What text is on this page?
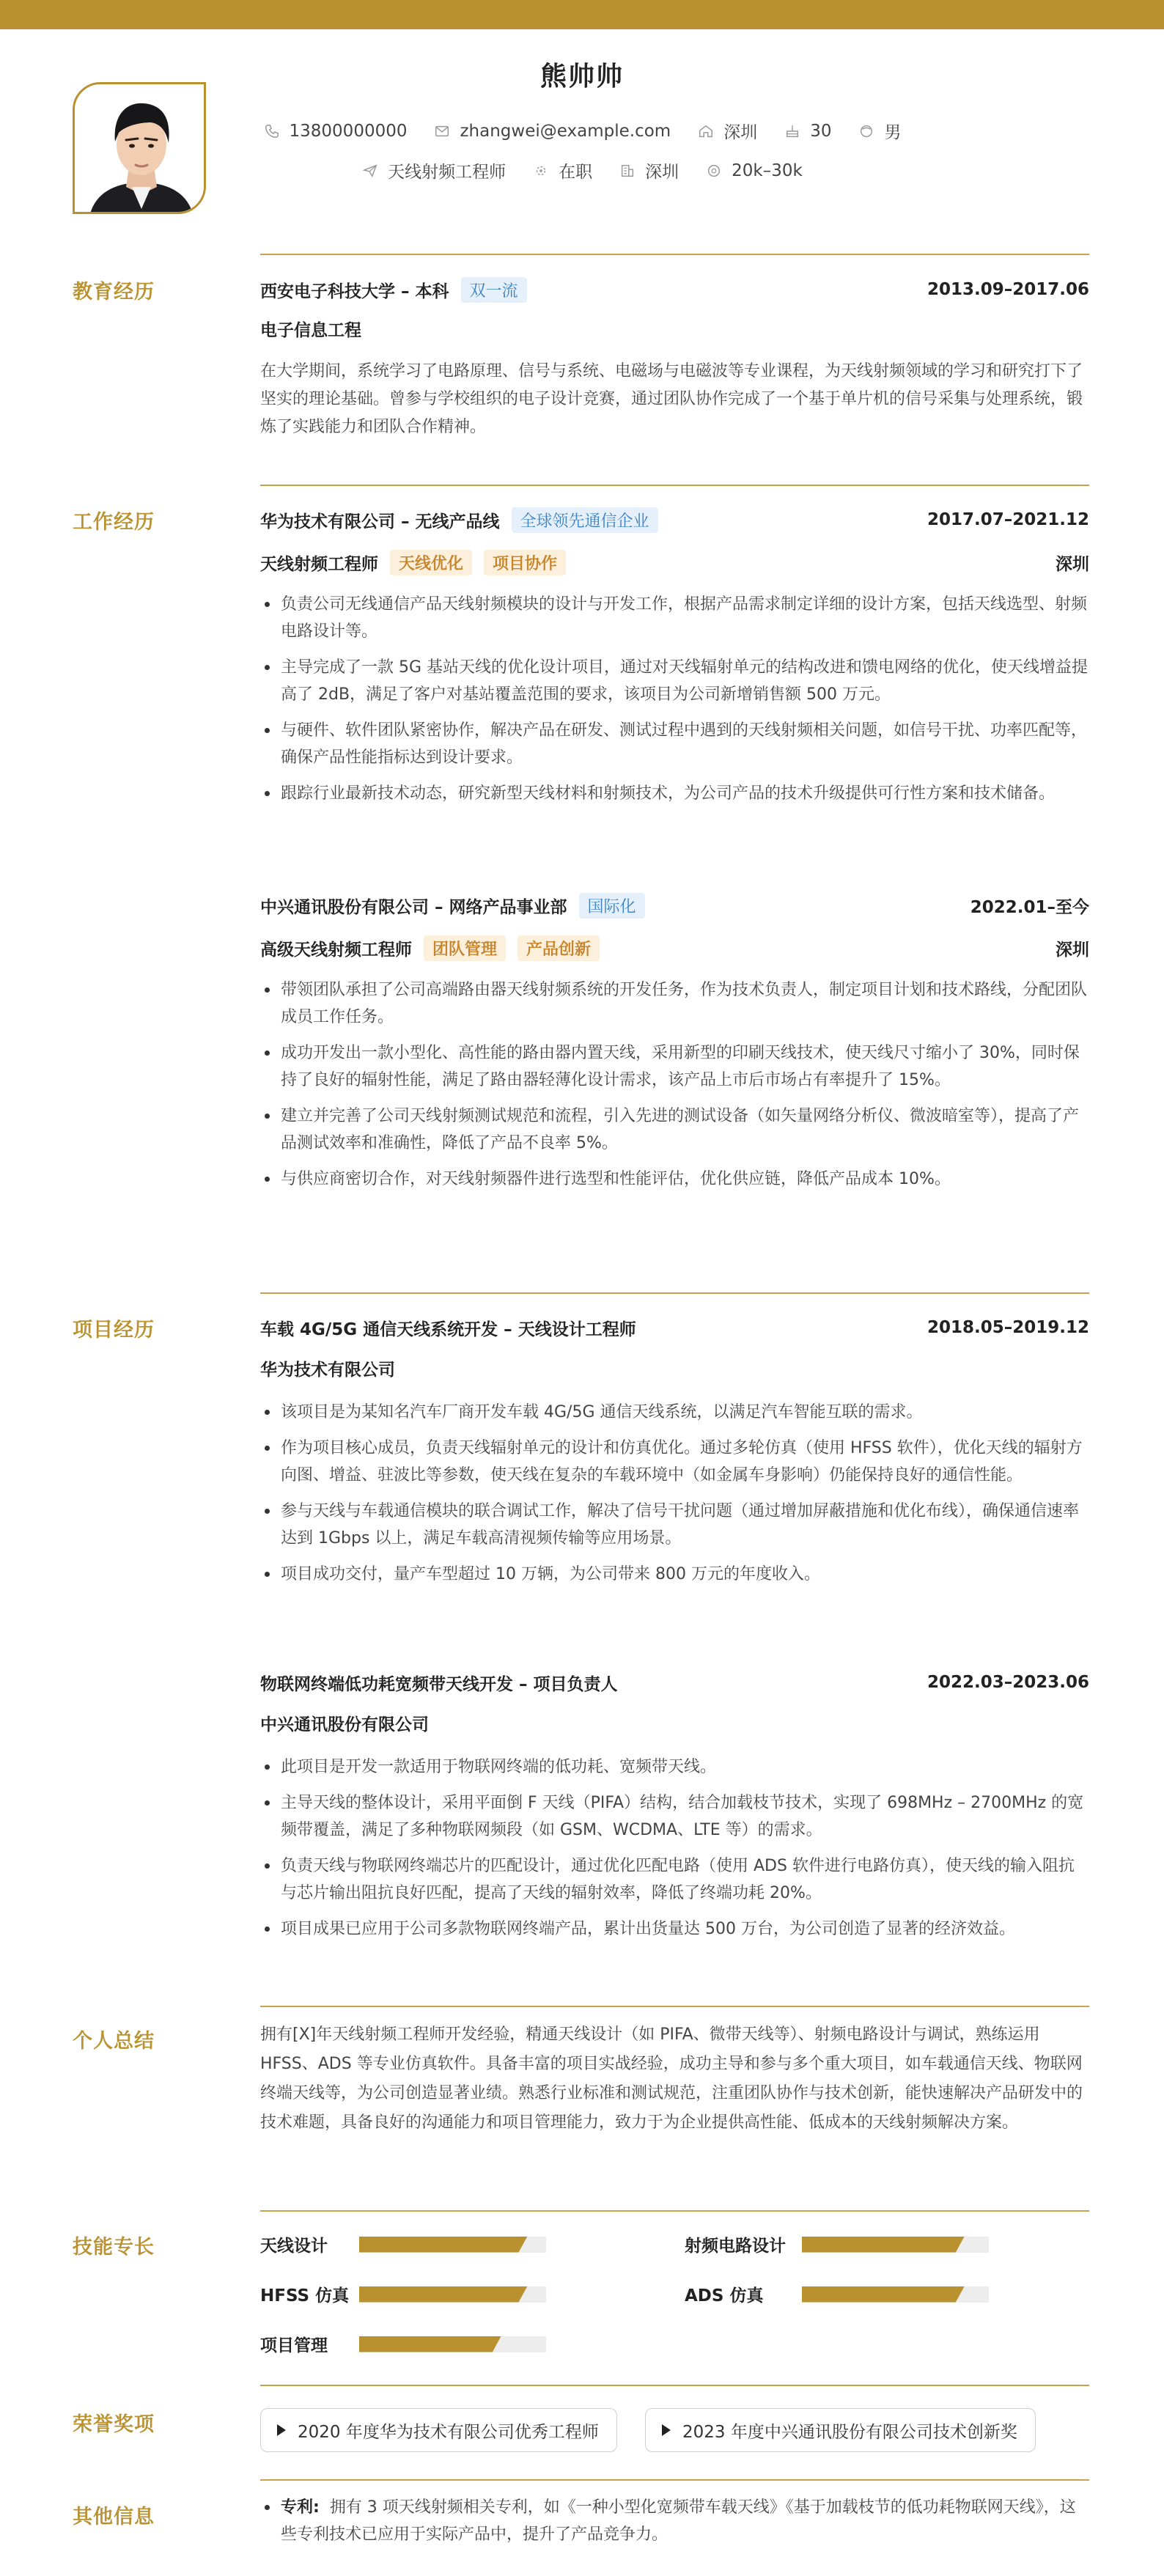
熊帅帅
13800000000	zhangwei@example.com	深圳	30	男
天线射频工程师	在职	深圳	20k–30k
教育经历	西安电子科技大学 – 本科	双一流	2013.09–2017.06
电子信息工程
在大学期间，系统学习了电路原理、信号与系统、电磁场与电磁波等专业课程，为天线射频领域的学习和研究打下了坚实的理论基础。曾参与学校组织的电子设计竞赛，通过团队协作完成了一个基于单片机的信号采集与处理系统，锻炼了实践能力和团队合作精神。
工作经历	华为技术有限公司 – 无线产品线	全球领先通信企业	2017.07–2021.12
天线射频工程师	天线优化	项目协作	深圳
负责公司无线通信产品天线射频模块的设计与开发工作，根据产品需求制定详细的设计方案，包括天线选型、射频电路设计等。
主导完成了一款 5G 基站天线的优化设计项目，通过对天线辐射单元的结构改进和馈电网络的优化，使天线增益提高了 2dB，满足了客户对基站覆盖范围的要求，该项目为公司新增销售额 500 万元。
与硬件、软件团队紧密协作，解决产品在研发、测试过程中遇到的天线射频相关问题，如信号干扰、功率匹配等，确保产品性能指标达到设计要求。
跟踪行业最新技术动态，研究新型天线材料和射频技术，为公司产品的技术升级提供可行性方案和技术储备。
中兴通讯股份有限公司 – 网络产品事业部	国际化	2022.01–至今
高级天线射频工程师	团队管理	产品创新	深圳
带领团队承担了公司高端路由器天线射频系统的开发任务，作为技术负责人，制定项目计划和技术路线，分配团队成员工作任务。
成功开发出一款小型化、高性能的路由器内置天线，采用新型的印刷天线技术，使天线尺寸缩小了 30%，同时保持了良好的辐射性能，满足了路由器轻薄化设计需求，该产品上市后市场占有率提升了 15%。
建立并完善了公司天线射频测试规范和流程，引入先进的测试设备（如矢量网络分析仪、微波暗室等），提高了产品测试效率和准确性，降低了产品不良率 5%。
与供应商密切合作，对天线射频器件进行选型和性能评估，优化供应链，降低产品成本 10%。
项目经历	车载 4G/5G 通信天线系统开发 – 天线设计工程师	2018.05–2019.12
华为技术有限公司
该项目是为某知名汽车厂商开发车载 4G/5G 通信天线系统，以满足汽车智能互联的需求。
作为项目核心成员，负责天线辐射单元的设计和仿真优化。通过多轮仿真（使用 HFSS 软件），优化天线的辐射方向图、增益、驻波比等参数，使天线在复杂的车载环境中（如金属车身影响）仍能保持良好的通信性能。
参与天线与车载通信模块的联合调试工作，解决了信号干扰问题（通过增加屏蔽措施和优化布线），确保通信速率达到 1Gbps 以上，满足车载高清视频传输等应用场景。
项目成功交付，量产车型超过 10 万辆，为公司带来 800 万元的年度收入。
物联网终端低功耗宽频带天线开发 – 项目负责人	2022.03–2023.06
中兴通讯股份有限公司
此项目是开发一款适用于物联网终端的低功耗、宽频带天线。
主导天线的整体设计，采用平面倒 F 天线（PIFA）结构，结合加载枝节技术，实现了 698MHz – 2700MHz 的宽频带覆盖，满足了多种物联网频段（如 GSM、WCDMA、LTE 等）的需求。
负责天线与物联网终端芯片的匹配设计，通过优化匹配电路（使用 ADS 软件进行电路仿真），使天线的输入阻抗与芯片输出阻抗良好匹配，提高了天线的辐射效率，降低了终端功耗 20%。
项目成果已应用于公司多款物联网终端产品，累计出货量达 500 万台，为公司创造了显著的经济效益。
个人总结	拥有[X]年天线射频工程师开发经验，精通天线设计（如 PIFA、微带天线等）、射频电路设计与调试，熟练运用 HFSS、ADS 等专业仿真软件。具备丰富的项目实战经验，成功主导和参与多个重大项目，如车载通信天线、物联网终端天线等，为公司创造显著业绩。熟悉行业标准和测试规范，注重团队协作与技术创新，能快速解决产品研发中的技术难题，具备良好的沟通能力和项目管理能力，致力于为企业提供高性能、低成本的天线射频解决方案。
技能专长	天线设计	射频电路设计
HFSS 仿真	ADS 仿真
项目管理
荣誉奖项	2020 年度华为技术有限公司优秀工程师	2023 年度中兴通讯股份有限公司技术创新奖
其他信息	专利: 拥有 3 项天线射频相关专利，如《一种小型化宽频带车载天线》《基于加载枝节的低功耗物联网天线》，这些专利技术已应用于实际产品中，提升了产品竞争力。
